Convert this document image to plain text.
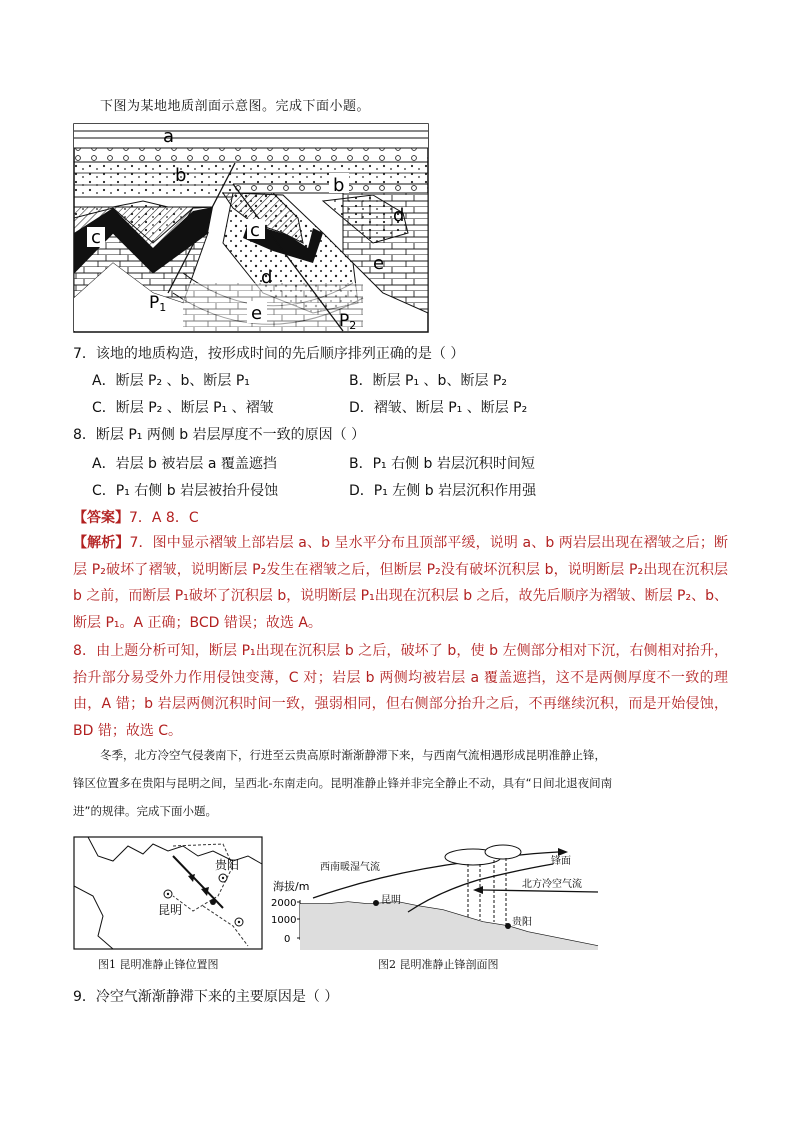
下图为某地地质剖面示意图。完成下面小题。
a
b	b
c	c
d
d
e
e
P1
P2
7．该地的地质构造，按形成时间的先后顺序排列正确的是（ ）
A．断层 P₂ 、b、断层 P₁	B．断层 P₁ 、b、断层 P₂
C．断层 P₂ 、断层 P₁ 、褶皱	D．褶皱、断层 P₁ 、断层 P₂
8．断层 P₁ 两侧 b 岩层厚度不一致的原因（ ）
A．岩层 b 被岩层 a 覆盖遮挡	B．P₁ 右侧 b 岩层沉积时间短
C．P₁ 右侧 b 岩层被抬升侵蚀	D．P₁ 左侧 b 岩层沉积作用强
【答案】7．A 8．C
【解析】7．图中显示褶皱上部岩层 a、b 呈水平分布且顶部平缓，说明 a、b 两岩层出现在褶皱之后；断层 P₂破坏了褶皱，说明断层 P₂发生在褶皱之后，但断层 P₂没有破坏沉积层 b，说明断层 P₂出现在沉积层 b 之前，而断层 P₁破坏了沉积层 b，说明断层 P₁出现在沉积层 b 之后，故先后顺序为褶皱、断层 P₂、b、断层 P₁。A 正确；BCD 错误；故选 A。
8．由上题分析可知，断层 P₁出现在沉积层 b 之后，破坏了 b，使 b 左侧部分相对下沉，右侧相对抬升，抬升部分易受外力作用侵蚀变薄，C 对；岩层 b 两侧均被岩层 a 覆盖遮挡，这不是两侧厚度不一致的理由，A 错；b 岩层两侧沉积时间一致，强弱相同，但右侧部分抬升之后，不再继续沉积，而是开始侵蚀，BD 错；故选 C。
冬季，北方冷空气侵袭南下，行进至云贵高原时渐渐静滞下来，与西南气流相遇形成昆明准静止锋，
锋区位置多在贵阳与昆明之间，呈西北-东南走向。昆明准静止锋并非完全静止不动，具有“日间北退夜间南
进”的规律。完成下面小题。
贵阳
昆明
图1 昆明准静止锋位置图
海拔/m
2000
1000
0
西南暖湿气流
锋面
北方冷空气流
昆明
贵阳
图2 昆明准静止锋剖面图
9．冷空气渐渐静滞下来的主要原因是（ ）
